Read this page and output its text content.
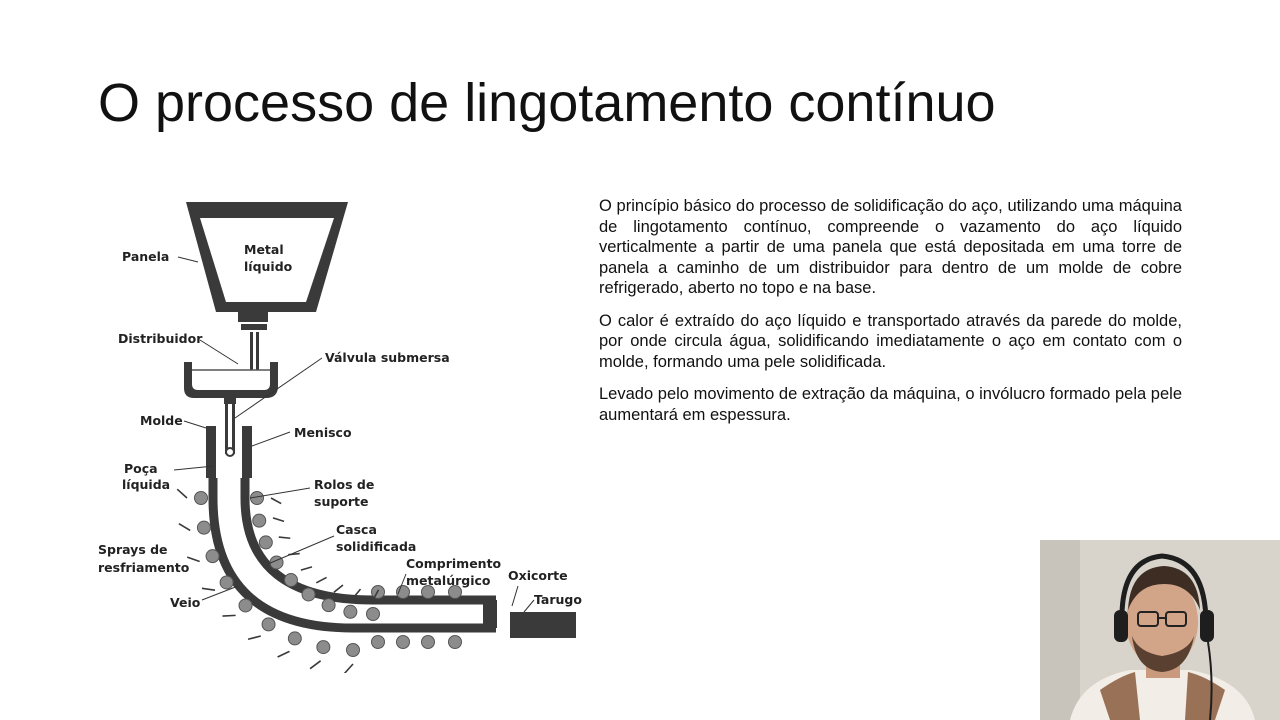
O processo de lingotamento contínuo
Panela	Metal
líquido
Distribuidor
Válvula submersa
Molde
Menisco
Poça
líquida	Rolos de
suporte
Casca
solidificada
Sprays de
resfriamento	Comprimento
metalúrgico Oxicorte
Veio	Tarugo

O princípio básico do processo de solidificação do aço, utilizando uma máquina de lingotamento contínuo, compreende o vazamento do aço líquido verticalmente a partir de uma panela que está depositada em uma torre de panela a caminho de um distribuidor para dentro de um molde de cobre refrigerado, aberto no topo e na base.

O calor é extraído do aço líquido e transportado através da parede do molde, por onde circula água, solidificando imediatamente o aço em contato com o molde, formando uma pele solidificada.

Levado pelo movimento de extração da máquina, o invólucro formado pela pele aumentará em espessura.
